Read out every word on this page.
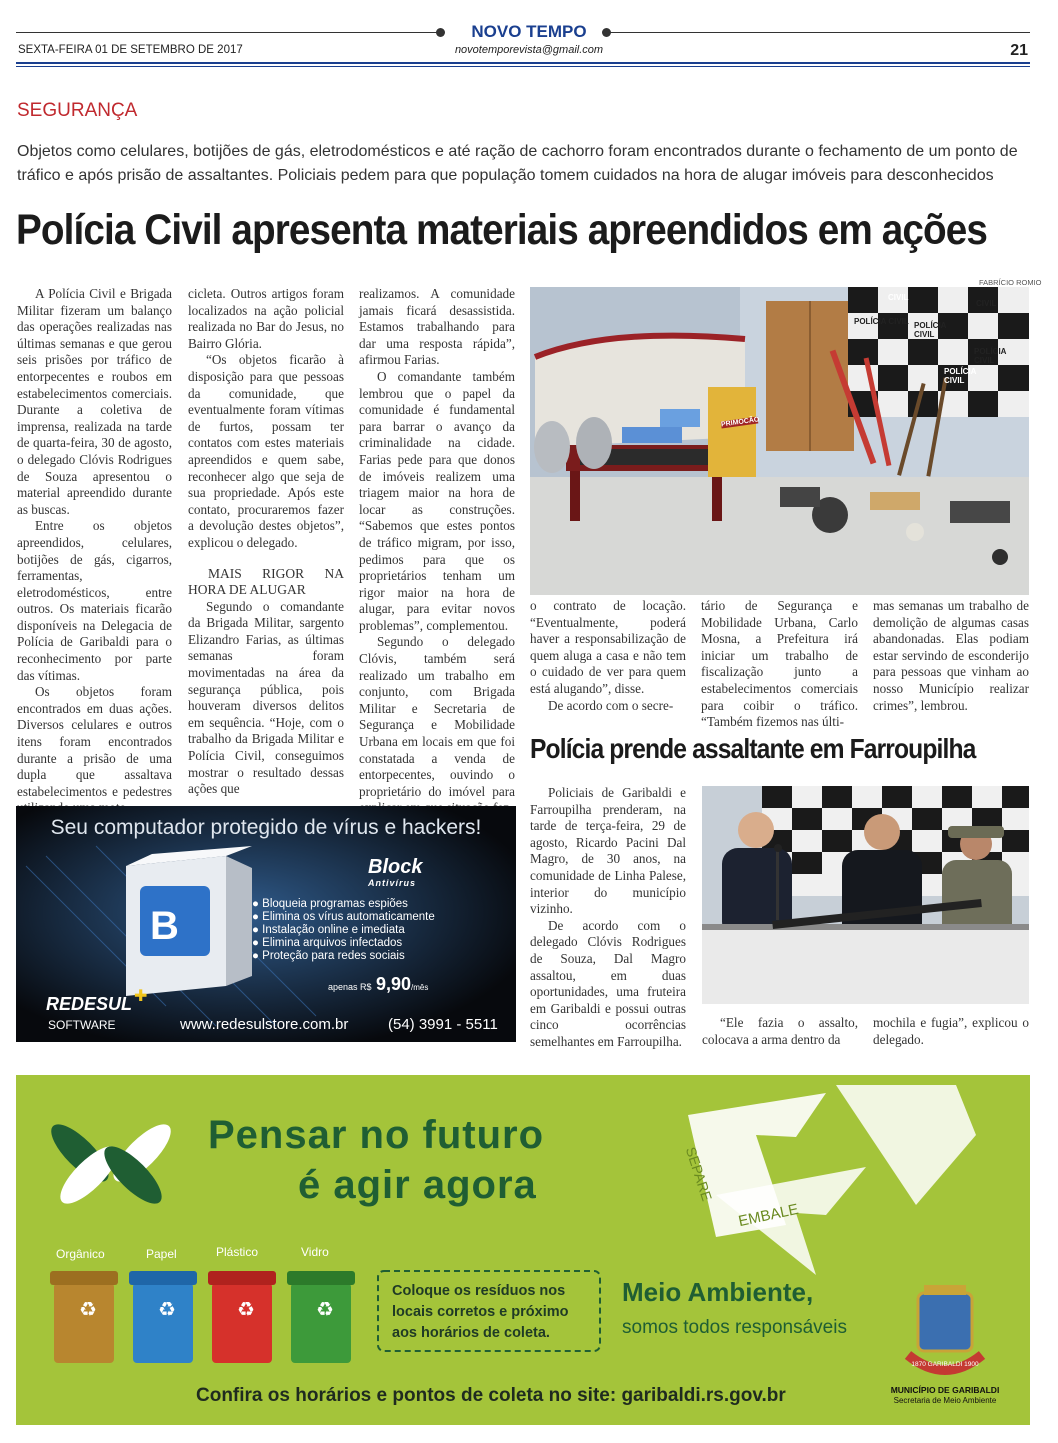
NOVO TEMPO
SEXTA-FEIRA 01 DE SETEMBRO DE 2017	novotemporevista@gmail.com	21
SEGURANÇA
Objetos como celulares, botijões de gás, eletrodomésticos e até ração de cachorro foram encontrados durante o fechamento de um ponto de tráfico e após prisão de assaltantes. Policiais pedem para que população tomem cuidados na hora de alugar imóveis para desconhecidos
Polícia Civil apresenta materiais apreendidos em ações

A Polícia Civil e Brigada Militar fizeram um balanço das operações realizadas nas últimas semanas e que gerou seis prisões por tráfico de entorpecentes e roubos em estabelecimentos comerciais. Durante a coletiva de imprensa, realizada na tarde de quarta-feira, 30 de agosto, o delegado Clóvis Rodrigues de Souza apresentou o material apreendido durante as buscas.

Entre os objetos apreendidos, celulares, botijões de gás, cigarros, ferramentas, eletrodomésticos, entre outros. Os materiais ficarão disponíveis na Delegacia de Polícia de Garibaldi para o reconhecimento por parte das vítimas.

Os objetos foram encontrados em duas ações. Diversos celulares e outros itens foram encontrados durante a prisão de uma dupla que assaltava estabelecimentos e pedestres

cicleta. Outros artigos foram localizados na ação policial realizada no Bar do Jesus, no Bairro Glória.

“Os objetos ficarão à disposição para que pessoas da comunidade, que eventualmente foram vítimas de furtos, possam ter contatos com estes materiais apreendidos e quem sabe, reconhecer algo que seja de sua propriedade. Após este contato, procuraremos fazer a devolução destes objetos”, explicou o delegado.

MAIS RIGOR NA HORA DE ALUGAR

Segundo o comandante da Brigada Militar, sargento Elizandro Farias, as últimas semanas foram movimentadas na área da segurança pública, pois houveram diversos delitos em sequência. “Hoje, com o trabalho da Brigada Militar e Polícia Civil, conseguimos mostrar o resultado dessas ações que

realizamos. A comunidade jamais ficará desassistida. Estamos trabalhando para dar uma resposta rápida”, afirmou Farias.

O comandante também lembrou que o papel da comunidade é fundamental para barrar o avanço da criminalidade na cidade. Farias pede para que donos de imóveis realizem uma triagem maior na hora de locar as construções. “Sabemos que estes pontos de tráfico migram, por isso, pedimos para que os proprietários tenham um rigor maior na hora de alugar, para evitar novos problemas”, complementou.

Segundo o delegado Clóvis, também será realizado um trabalho em conjunto, com Brigada Militar e Secretaria de Segurança e Mobilidade Urbana em locais em que foi constatada a venda de entorpecentes, ouvindo o proprietário do imóvel para

FABRÍCIO ROMIO
PRIMOCÃO
POLÍCIA CIVIL POLÍCIA CIVIL
POLÍCIA CIVIL
POLÍCIA CIVIL
CIVIL
CIVIL

o contrato de locação. “Eventualmente, poderá haver a responsabilização de quem aluga a casa e não tem o cuidado de ver para quem está alugando”, disse.

De acordo com o secre-

tário de Segurança e Mobilidade Urbana, Carlo Mosna, a Prefeitura irá iniciar um trabalho de fiscalização junto a estabelecimentos comerciais para coibir o tráfico. “Também fizemos nas últi-

mas semanas um trabalho de demolição de algumas casas abandonadas. Elas podiam estar servindo de esconderijo para pessoas que vinham ao nosso Município realizar crimes”, lembrou.

Polícia prende assaltante em Farroupilha

Policiais de Garibaldi e Farroupilha prenderam, na tarde de terça-feira, 29 de agosto, Ricardo Pacini Dal Magro, de 30 anos, na comunidade de Linha Palese, interior do município vizinho.

De acordo com o delegado Clóvis Rodrigues de Souza, Dal Magro assaltou, em duas oportunidades, uma fruteira em Garibaldi e possui outras cinco ocorrências semelhantes em Farroupilha.

“Ele fazia o assalto, colocava a arma dentro da

mochila e fugia”, explicou o delegado.

Seu computador protegido de vírus e hackers!
B
Block
Antivírus
● Bloqueia programas espiões
● Elimina os vírus automaticamente
● Instalação online e imediata
● Elimina arquivos infectados
● Proteção para redes sociais
apenas R$ 9,90/mês
REDESUL ✚
SOFTWARE	www.redesulstore.com.br	(54) 3991 - 5511
♻	♻	♻	♻
Pensar no futuro
é agir agora	SEPARE
EMBALE
Orgânico	Papel	Plástico	Vidro
Coloque os resíduos nos locais corretos e próximo aos horários de coleta.
Meio Ambiente,
somos todos responsáveis
1870 GARIBALDI 1900
MUNICÍPIO DE GARIBALDI
Secretaria de Meio Ambiente
Confira os horários e pontos de coleta no site: garibaldi.rs.gov.br
